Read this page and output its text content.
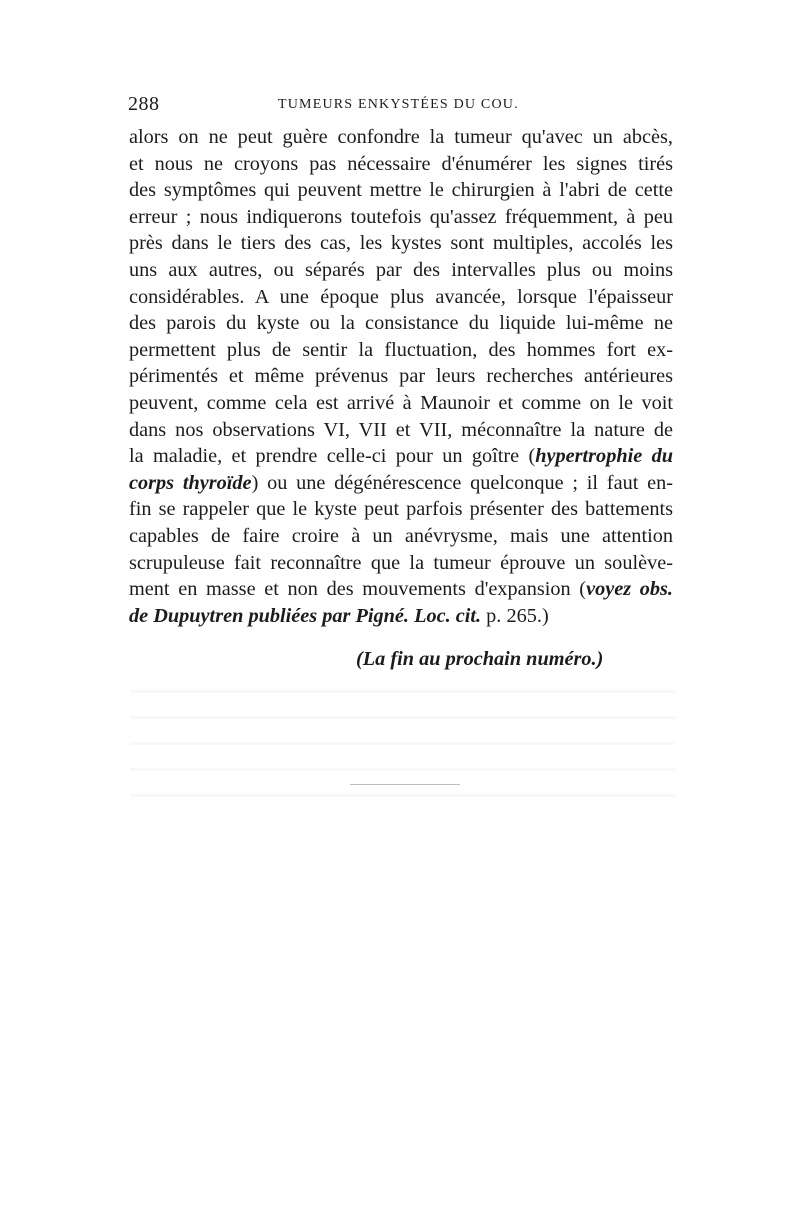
288	TUMEURS ENKYSTÉES DU COU.
alors on ne peut guère confondre la tumeur qu'avec un abcès,
et nous ne croyons pas nécessaire d'énumérer les signes tirés
des symptômes qui peuvent mettre le chirurgien à l'abri de cette
erreur ; nous indiquerons toutefois qu'assez fréquemment, à peu
près dans le tiers des cas, les kystes sont multiples, accolés les
uns aux autres, ou séparés par des intervalles plus ou moins
considérables. A une époque plus avancée, lorsque l'épaisseur
des parois du kyste ou la consistance du liquide lui-même ne
permettent plus de sentir la fluctuation, des hommes fort ex-
périmentés et même prévenus par leurs recherches antérieures
peuvent, comme cela est arrivé à Maunoir et comme on le voit
dans nos observations VI, VII et VII, méconnaître la nature de
la maladie, et prendre celle-ci pour un goître (hypertrophie du
corps thyroïde) ou une dégénérescence quelconque ; il faut en-
fin se rappeler que le kyste peut parfois présenter des battements
capables de faire croire à un anévrysme, mais une attention
scrupuleuse fait reconnaître que la tumeur éprouve un soulève-
ment en masse et non des mouvements d'expansion (voyez obs.
de Dupuytren publiées par Pigné. Loc. cit. p. 265.)
(La fin au prochain numéro.)
